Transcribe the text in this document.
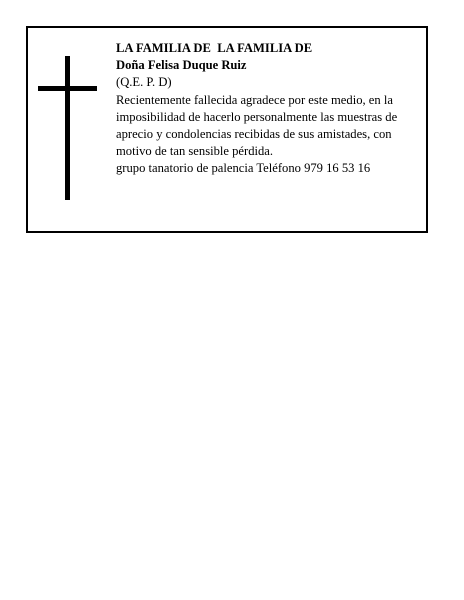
LA FAMILIA DE  LA FAMILIA DE
Doña Felisa Duque Ruiz
(Q.E. P. D)
Recientemente fallecida agradece por este medio, en la imposibilidad de hacerlo personalmente las muestras de aprecio y condolencias recibidas de sus amistades, con motivo de tan sensible pérdida.
grupo tanatorio de palencia Teléfono 979 16 53 16
